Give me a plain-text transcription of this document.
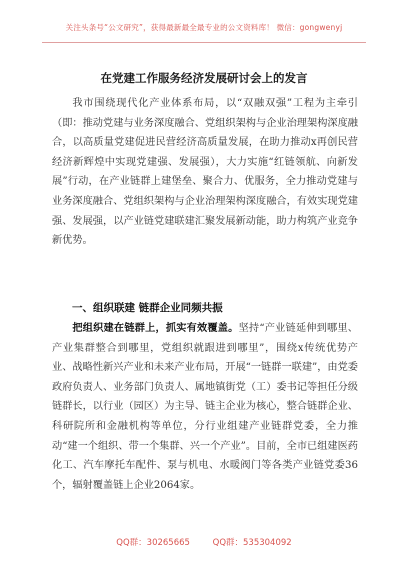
关注头条号“公文研究”，获得最新最全最专业的公文资料库！ 微信：gongwenyj
在党建工作服务经济发展研讨会上的发言

我市围绕现代化产业体系布局，以“双融双强”工程为主牵引（即：推动党建与业务深度融合、党组织架构与企业治理架构深度融合，以高质量党建促进民营经济高质量发展，在助力推动x再创民营经济新辉煌中实现党建强、发展强），大力实施“红链领航、向新发展”行动，在产业链群上建堡垒、聚合力、优服务，全力推动党建与业务深度融合、党组织架构与企业治理架构深度融合，有效实现党建强、发展强，以产业链党建联建汇聚发展新动能，助力构筑产业竞争新优势。

一、组织联建 链群企业同频共振
把组织建在链群上，抓实有效覆盖。坚持“产业链延伸到哪里、产业集群整合到哪里，党组织就跟进到哪里”，围绕x传统优势产业、战略性新兴产业和未来产业布局，开展“一链群一联建”，由党委政府负责人、业务部门负责人、属地镇街党（工）委书记等担任分级链群长，以行业（园区）为主导、链主企业为核心，整合链群企业、科研院所和金融机构等单位，分行业组建产业链群党委，全力推动“建一个组织、带一个集群、兴一个产业”。目前，全市已组建医药化工、汽车摩托车配件、泵与机电、水暖阀门等各类产业链党委36个，辐射覆盖链上企业2064家。
QQ群：30265665	QQ群：535304092
